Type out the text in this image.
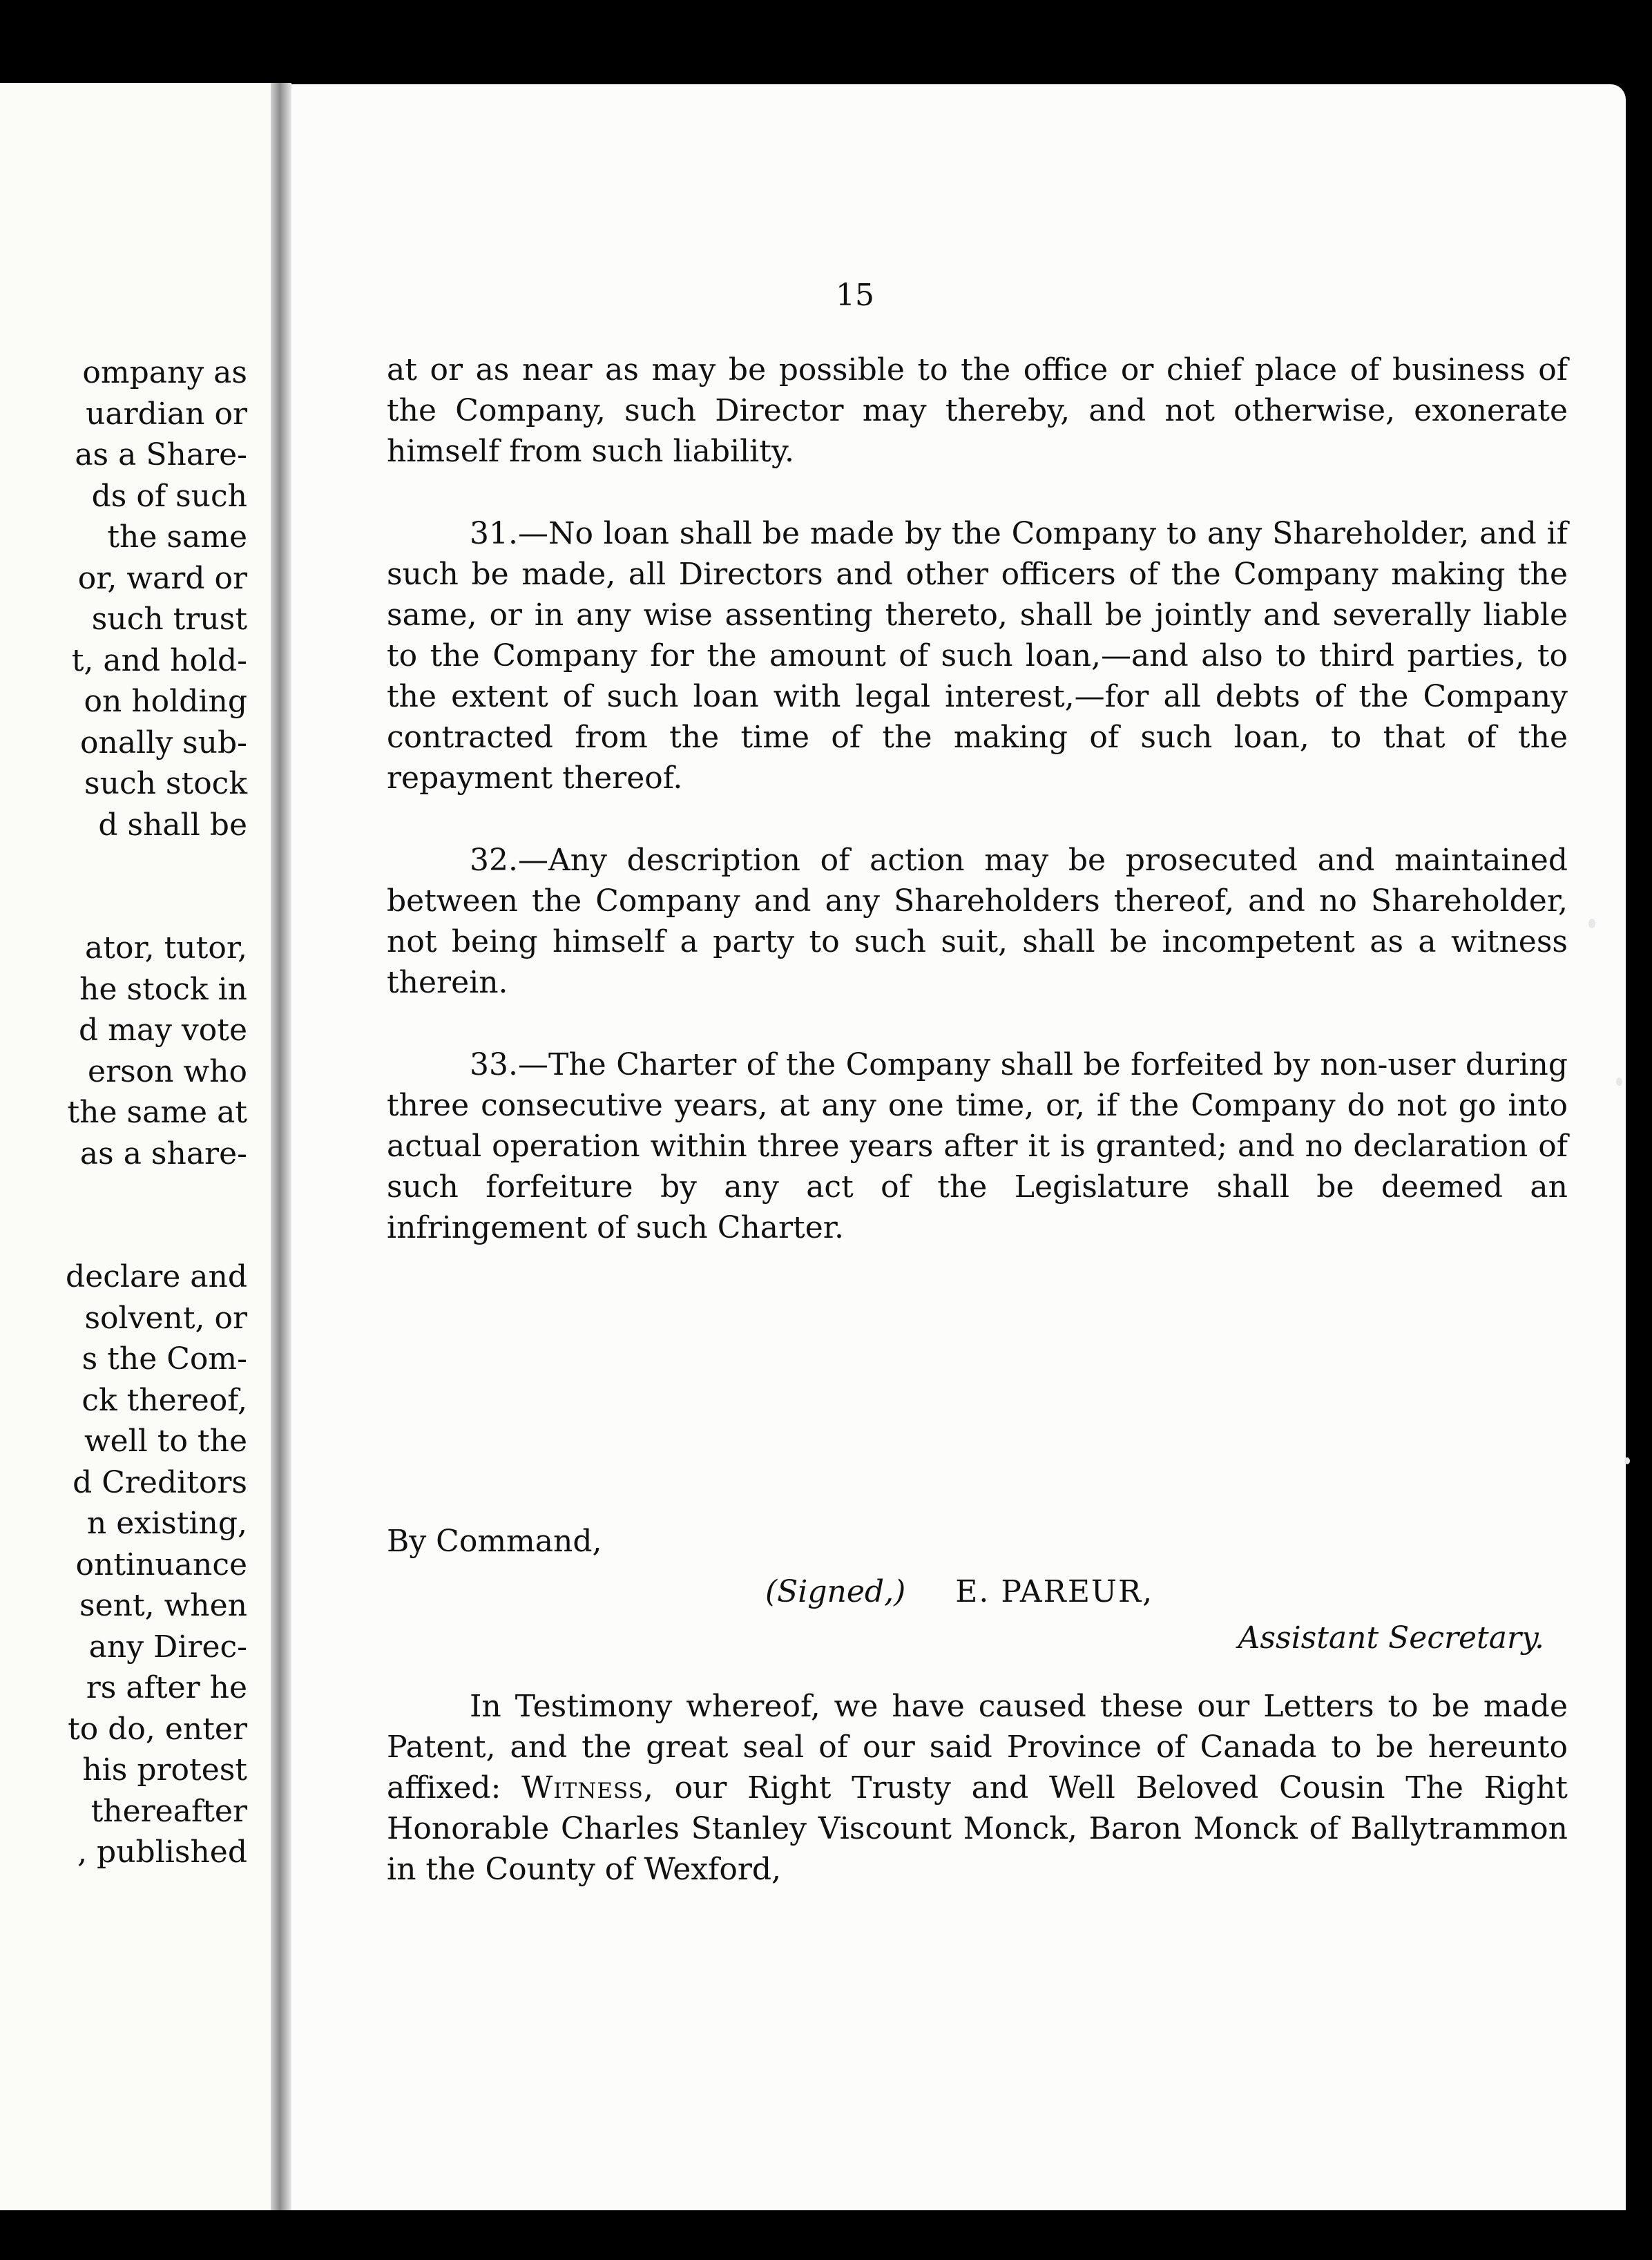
ompany as
uardian or
as a Share-
ds of such
the same
or, ward or
such trust
t, and hold-
on holding
onally sub-
such stock
d shall be
ator, tutor,
he stock in
d may vote
erson who
the same at
as a share-
declare and
solvent, or
s the Com-
ck thereof,
well to the
d Creditors
n existing,
ontinuance
sent, when
any Direc-
rs after he
to do, enter
his protest
thereafter
, published
15

at or as near as may be possible to the office or chief place of business of the Company, such Director may thereby, and not otherwise, exonerate himself from such liability.

31.—No loan shall be made by the Company to any Shareholder, and if such be made, all Directors and other officers of the Company making the same, or in any wise assenting thereto, shall be jointly and severally liable to the Company for the amount of such loan,—and also to third parties, to the extent of such loan with legal interest,—for all debts of the Company contracted from the time of the making of such loan, to that of the repayment thereof.

32.—Any description of action may be prosecuted and maintained between the Company and any Shareholders thereof, and no Shareholder, not being himself a party to such suit, shall be incompetent as a witness therein.

33.—The Charter of the Company shall be forfeited by non-user during three consecutive years, at any one time, or, if the Company do not go into actual operation within three years after it is granted; and no declaration of such forfeiture by any act of the Legislature shall be deemed an infringement of such Charter.

By Command,

(Signed,) E. PAREUR,

Assistant Secretary.

In Testimony whereof, we have caused these our Letters to be made Patent, and the great seal of our said Province of Canada to be hereunto affixed: Witness, our Right Trusty and Well Beloved Cousin The Right Honorable Charles Stanley Viscount Monck, Baron Monck of Ballytrammon in the County of Wexford,
